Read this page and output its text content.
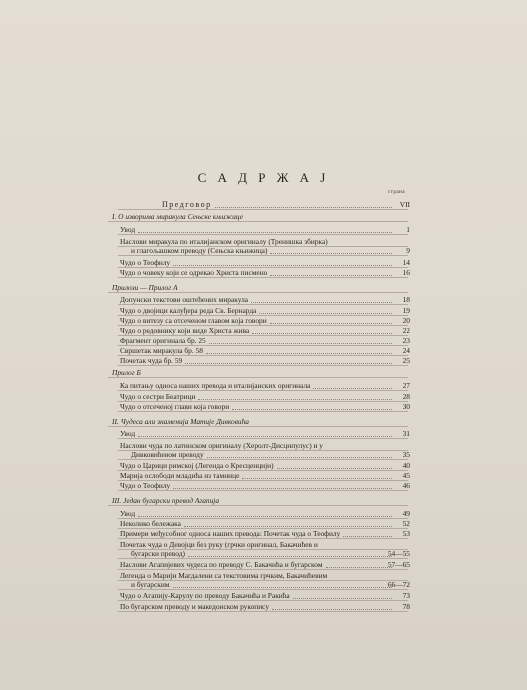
С А Д Р Ж А Ј
страна
Предговор	VII
I. О изворима миракула Сењске књижице
Увод	1
Наслови миракула по италијанском оригиналу (Тренишка збирка)
и глагољашком преводу (Сењска књижица)	9
Чудо о Теофилу	14
Чудо о човеку који се одрекао Христа писмено	16
Прилози — Прилог А
Допунски текстови оштећених миракула	18
Чудо о двојици калуђера реда Св. Бернарда	19
Чудо о витезу са отсеченом главом која говори	20
Чудо о редовнику који виде Христа жива	22
Фрагмент оригинала бр. 25	23
Свршетак миракула бр. 58	24
Почетак чуда бр. 59	25
Прилог Б
Ка питању односа наших превода и италијанских оригинала	27
Чудо о сестри Беатрици	28
Чудо о отсеченој глави која говори	30
II. Чудеса али знаменија Матије Дивковића
Увод	31
Наслови чуда по латинском оригиналу (Херолт-Дисципулус) и у
Дивковићевом преводу	35
Чудо о Царици римској (Легенда о Кресценцији)	40
Марија ослободи младића из тамнице	45
Чудо о Теофилу	46
III. Један бугарски превод Агапија
Увод	49
Неколико бележака	52
Примери међусобног односа наших превода: Почетак чуда о Теофилу	53
Почетак чуда о Девојци без руку (грчки оригинал, Бакачићев и
бугарски превод)	54—55
Наслови Агапијевих чудеса по преводу С. Бакачића и бугарском	57—65
Легенда о Марији Магдалени са текстовима грчким, Бакачићевим
и бугарским	66—72
Чудо о Агапију-Карулу по преводу Бакачића и Ракића	73
По бугарском преводу и македонском рукопису	78
